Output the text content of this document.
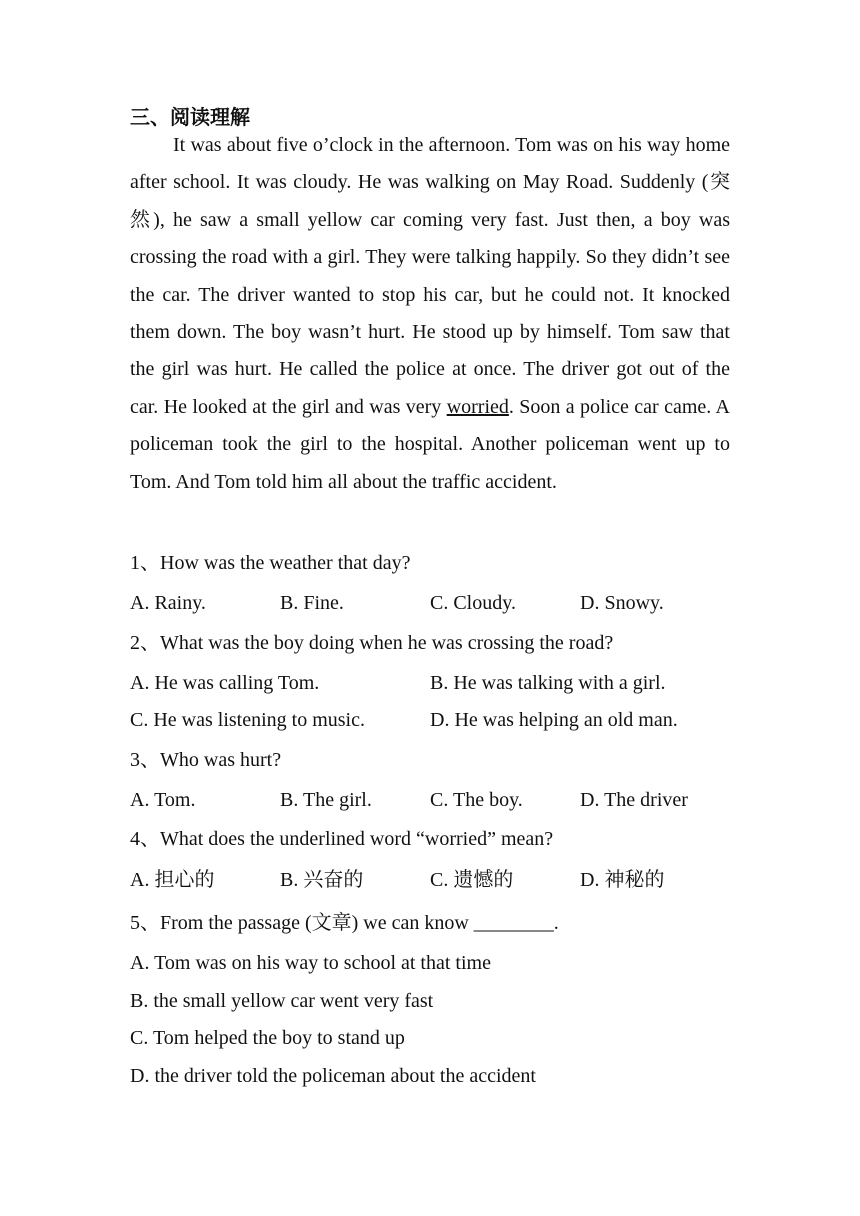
三、阅读理解

It was about five o’clock in the afternoon. Tom was on his way home after school. It was cloudy. He was walking on May Road. Suddenly (突然), he saw a small yellow car coming very fast. Just then, a boy was crossing the road with a girl. They were talking happily. So they didn’t see the car. The driver wanted to stop his car, but he could not. It knocked them down. The boy wasn’t hurt. He stood up by himself. Tom saw that the girl was hurt. He called the police at once. The driver got out of the car. He looked at the girl and was very worried. Soon a police car came. A policeman took the girl to the hospital. Another policeman went up to Tom. And Tom told him all about the traffic accident.

1、How was the weather that day?
A. Rainy.	B. Fine.	C. Cloudy.	D. Snowy.
2、What was the boy doing when he was crossing the road?
A. He was calling Tom.	B. He was talking with a girl.
C. He was listening to music.	D. He was helping an old man.
3、Who was hurt?
A. Tom.	B. The girl.	C. The boy.	D. The driver
4、What does the underlined word “worried” mean?
A. 担心的	B. 兴奋的	C. 遗憾的	D. 神秘的
5、From the passage (文章) we can know ________.
A. Tom was on his way to school at that time
B. the small yellow car went very fast
C. Tom helped the boy to stand up
D. the driver told the policeman about the accident
